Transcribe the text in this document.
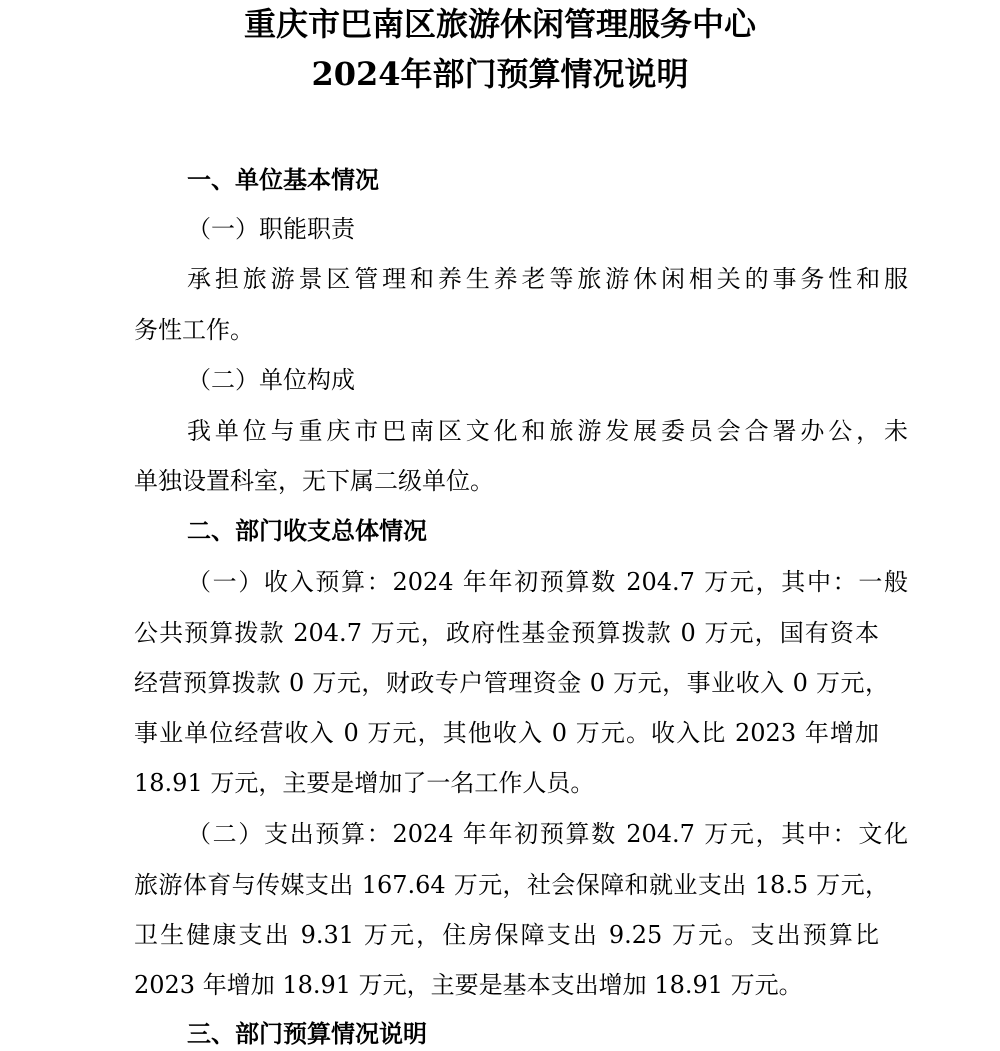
重庆市巴南区旅游休闲管理服务中心
2024年部门预算情况说明
一、单位基本情况
（一）职能职责
承担旅游景区管理和养生养老等旅游休闲相关的事务性和服
务性工作。
（二）单位构成
我单位与重庆市巴南区文化和旅游发展委员会合署办公，未
单独设置科室，无下属二级单位。
二、部门收支总体情况
（一）收入预算：2024 年年初预算数 204.7 万元，其中：一般
公共预算拨款 204.7 万元，政府性基金预算拨款 0 万元，国有资本
经营预算拨款 0 万元，财政专户管理资金 0 万元，事业收入 0 万元，
事业单位经营收入 0 万元，其他收入 0 万元。收入比 2023 年增加
18.91 万元，主要是增加了一名工作人员。
（二）支出预算：2024 年年初预算数 204.7 万元，其中：文化
旅游体育与传媒支出 167.64 万元，社会保障和就业支出 18.5 万元，
卫生健康支出 9.31 万元，住房保障支出 9.25 万元。支出预算比
2023 年增加 18.91 万元，主要是基本支出增加 18.91 万元。
三、部门预算情况说明
